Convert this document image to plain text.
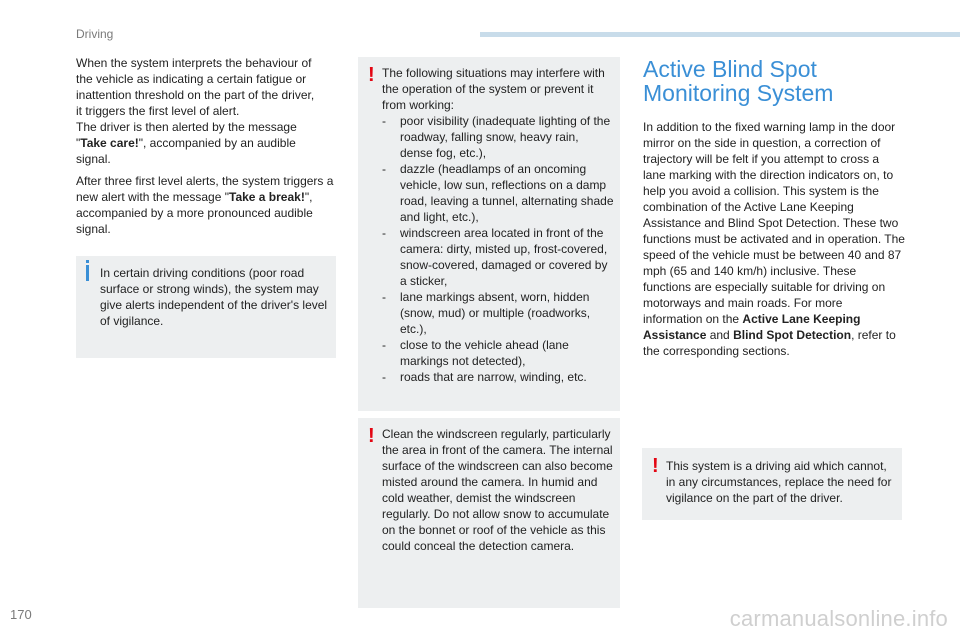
Driving

When the system interprets the behaviour of
the vehicle as indicating a certain fatigue or
inattention threshold on the part of the driver,
it triggers the first level of alert.
The driver is then alerted by the message
"Take care!", accompanied by an audible
signal.

After three first level alerts, the system triggers a new alert with the message "Take a break!", accompanied by a more pronounced audible signal.

In certain driving conditions (poor road surface or strong winds), the system may give alerts independent of the driver's level of vigilance.

! The following situations may interfere with the operation of the system or prevent it from working:

- poor visibility (inadequate lighting of the roadway, falling snow, heavy rain, dense fog, etc.),
- dazzle (headlamps of an oncoming vehicle, low sun, reflections on a damp road, leaving a tunnel, alternating shade and light, etc.),
- windscreen area located in front of the camera: dirty, misted up, frost-covered, snow-covered, damaged or covered by a sticker,
- lane markings absent, worn, hidden (snow, mud) or multiple (roadworks, etc.),
- close to the vehicle ahead (lane markings not detected),
- roads that are narrow, winding, etc.
! Clean the windscreen regularly, particularly the area in front of the camera. The internal surface of the windscreen can also become misted around the camera. In humid and cold weather, demist the windscreen regularly. Do not allow snow to accumulate on the bonnet or roof of the vehicle as this could conceal the detection camera.

Active Blind Spot
Monitoring System

In addition to the fixed warning lamp in the door mirror on the side in question, a correction of trajectory will be felt if you attempt to cross a lane marking with the direction indicators on, to help you avoid a collision. This system is the combination of the Active Lane Keeping Assistance and Blind Spot Detection. These two functions must be activated and in operation. The speed of the vehicle must be between 40 and 87 mph (65 and 140 km/h) inclusive. These functions are especially suitable for driving on motorways and main roads. For more information on the Active Lane Keeping Assistance and Blind Spot Detection, refer to the corresponding sections.

! This system is a driving aid which cannot, in any circumstances, replace the need for vigilance on the part of the driver.

170	carmanualsonline.info
